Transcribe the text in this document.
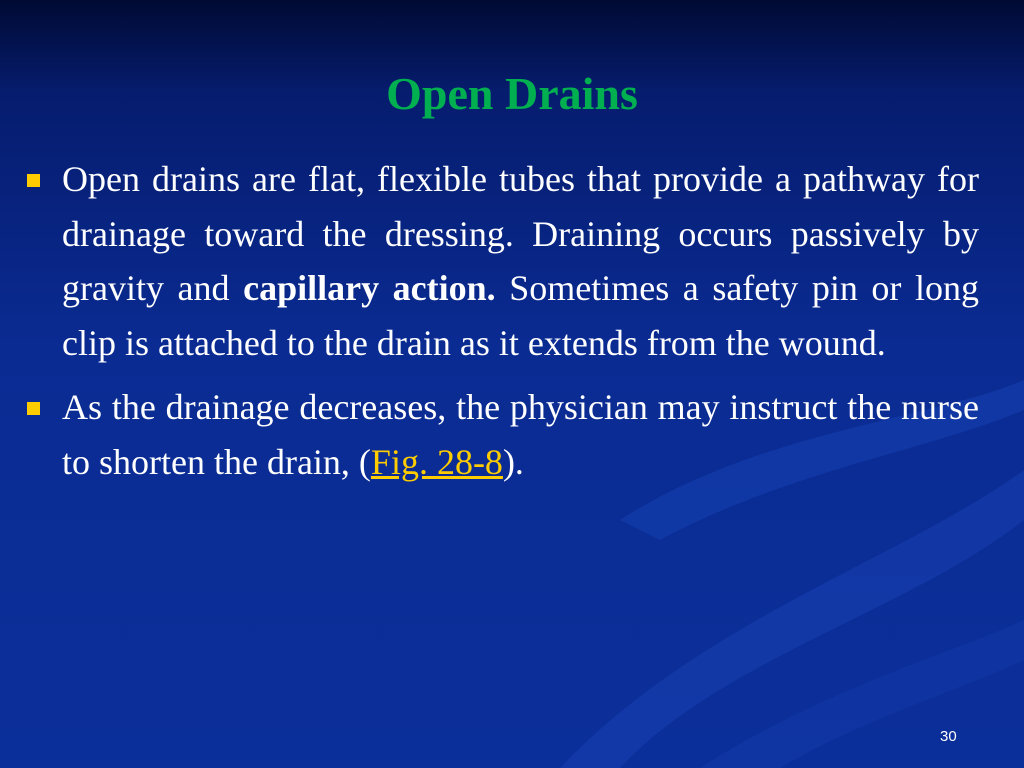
Open Drains
Open drains are flat, flexible tubes that provide a pathway for drainage toward the dressing. Draining occurs passively by gravity and capillary action. Sometimes a safety pin or long clip is attached to the drain as it extends from the wound.
As the drainage decreases, the physician may instruct the nurse to shorten the drain, (Fig. 28-8).
30
